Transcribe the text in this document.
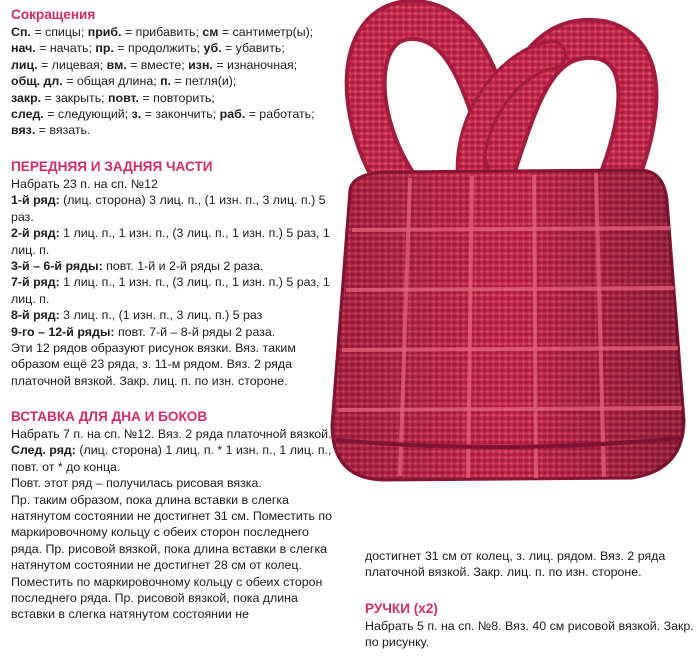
Сокращения

Сп. = спицы; приб. = прибавить; см = сантиметр(ы);

нач. = начать; пр. = продолжить; уб. = убавить;

лиц. = лицевая; вм. = вместе; изн. = изнаночная;

общ. дл. = общая длина; п. = петля(и);

закр. = закрыть; повт. = повторить;

след. = следующий; з. = закончить; раб. = работать;

вяз. = вязать.

ПЕРЕДНЯЯ И ЗАДНЯЯ ЧАСТИ

Набрать 23 п. на сп. №12

1-й ряд: (лиц. сторона) 3 лиц. п., (1 изн. п., 3 лиц. п.) 5 раз.

2-й ряд: 1 лиц. п., 1 изн. п., (3 лиц. п., 1 изн. п.) 5 раз, 1 лиц. п.

3-й – 6-й ряды: повт. 1-й и 2-й ряды 2 раза.

7-й ряд: 1 лиц. п., 1 изн. п., (3 лиц. п., 1 изн. п.) 5 раз, 1 лиц. п.

8-й ряд: 3 лиц. п., (1 изн. п., 3 лиц. п.) 5 раз

9-го – 12-й ряды: повт. 7-й – 8-й ряды 2 раза.

Эти 12 рядов образуют рисунок вязки. Вяз. таким образом ещё 23 ряда, з. 11-м рядом. Вяз. 2 ряда платочной вязкой. Закр. лиц. п. по изн. стороне.

ВСТАВКА ДЛЯ ДНА И БОКОВ

Набрать 7 п. на сп. №12. Вяз. 2 ряда платочной вязкой.

След. ряд: (лиц. сторона) 1 лиц. п. * 1 изн. п., 1 лиц. п., повт. от * до конца.

Повт. этот ряд – получилась рисовая вязка.

Пр. таким образом, пока длина вставки в слегка натянутом состоянии не достигнет 31 см. Поместить по маркировочному кольцу с обеих сторон последнего ряда. Пр. рисовой вязкой, пока длина вставки в слегка натянутом состоянии не достигнет 28 см от колец. Поместить по маркировочному кольцу с обеих сторон последнего ряда. Пр. рисовой вязкой, пока длина вставки в слегка натянутом состоянии не

достигнет 31 см от колец, з. лиц. рядом. Вяз. 2 ряда платочной вязкой. Закр. лиц. п. по изн. стороне.

РУЧКИ (x2)

Набрать 5 п. на сп. №8. Вяз. 40 см рисовой вязкой. Закр. по рисунку.
